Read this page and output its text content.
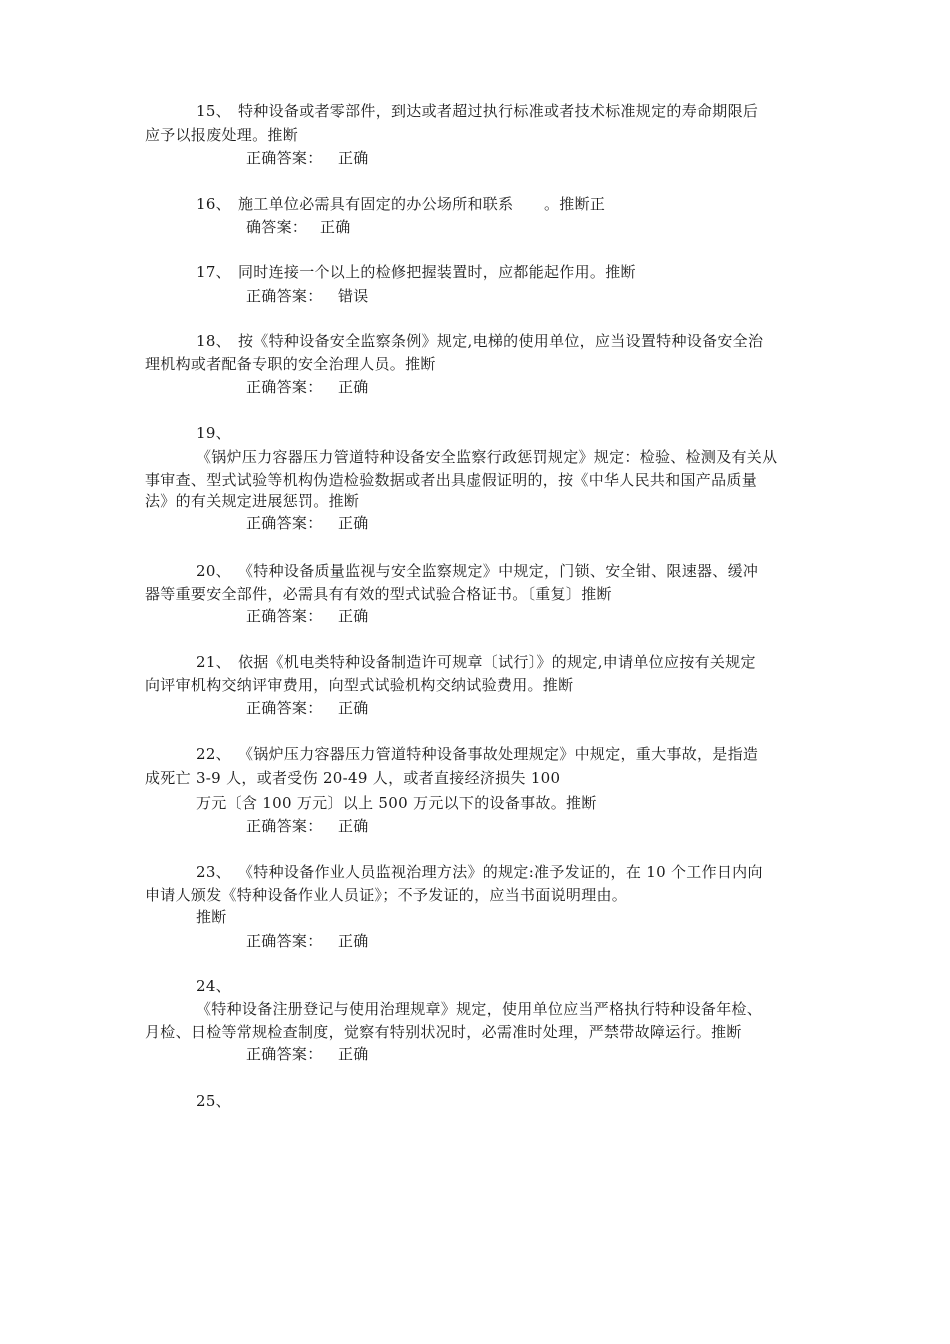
15、 特种设备或者零部件，到达或者超过执行标准或者技术标准规定的寿命期限后
应予以报废处理。推断
正确答案： 正确
16、 施工单位必需具有固定的办公场所和联系　　。推断正
确答案： 正确
17、 同时连接一个以上的检修把握装置时，应都能起作用。推断
正确答案： 错误
18、 按《特种设备安全监察条例》规定,电梯的使用单位，应当设置特种设备安全治
理机构或者配备专职的安全治理人员。推断
正确答案： 正确
19、
《锅炉压力容器压力管道特种设备安全监察行政惩罚规定》规定：检验、检测及有关从
事审查、型式试验等机构伪造检验数据或者出具虚假证明的，按《中华人民共和国产品质量
法》的有关规定进展惩罚。推断
正确答案： 正确
20、 《特种设备质量监视与安全监察规定》中规定，门锁、安全钳、限速器、缓冲
器等重要安全部件，必需具有有效的型式试验合格证书。〔重复〕推断
正确答案： 正确
21、 依据《机电类特种设备制造许可规章〔试行〕》的规定,申请单位应按有关规定
向评审机构交纳评审费用，向型式试验机构交纳试验费用。推断
正确答案： 正确
22、 《锅炉压力容器压力管道特种设备事故处理规定》中规定，重大事故，是指造
成死亡 3-9 人，或者受伤 20-49 人，或者直接经济损失 100
万元〔含 100 万元〕以上 500 万元以下的设备事故。推断
正确答案： 正确
23、 《特种设备作业人员监视治理方法》的规定:准予发证的，在 10 个工作日内向
申请人颁发《特种设备作业人员证》；不予发证的，应当书面说明理由。
推断
正确答案： 正确
24、
《特种设备注册登记与使用治理规章》规定，使用单位应当严格执行特种设备年检、
月检、日检等常规检查制度，觉察有特别状况时，必需准时处理，严禁带故障运行。推断
正确答案： 正确
25、
